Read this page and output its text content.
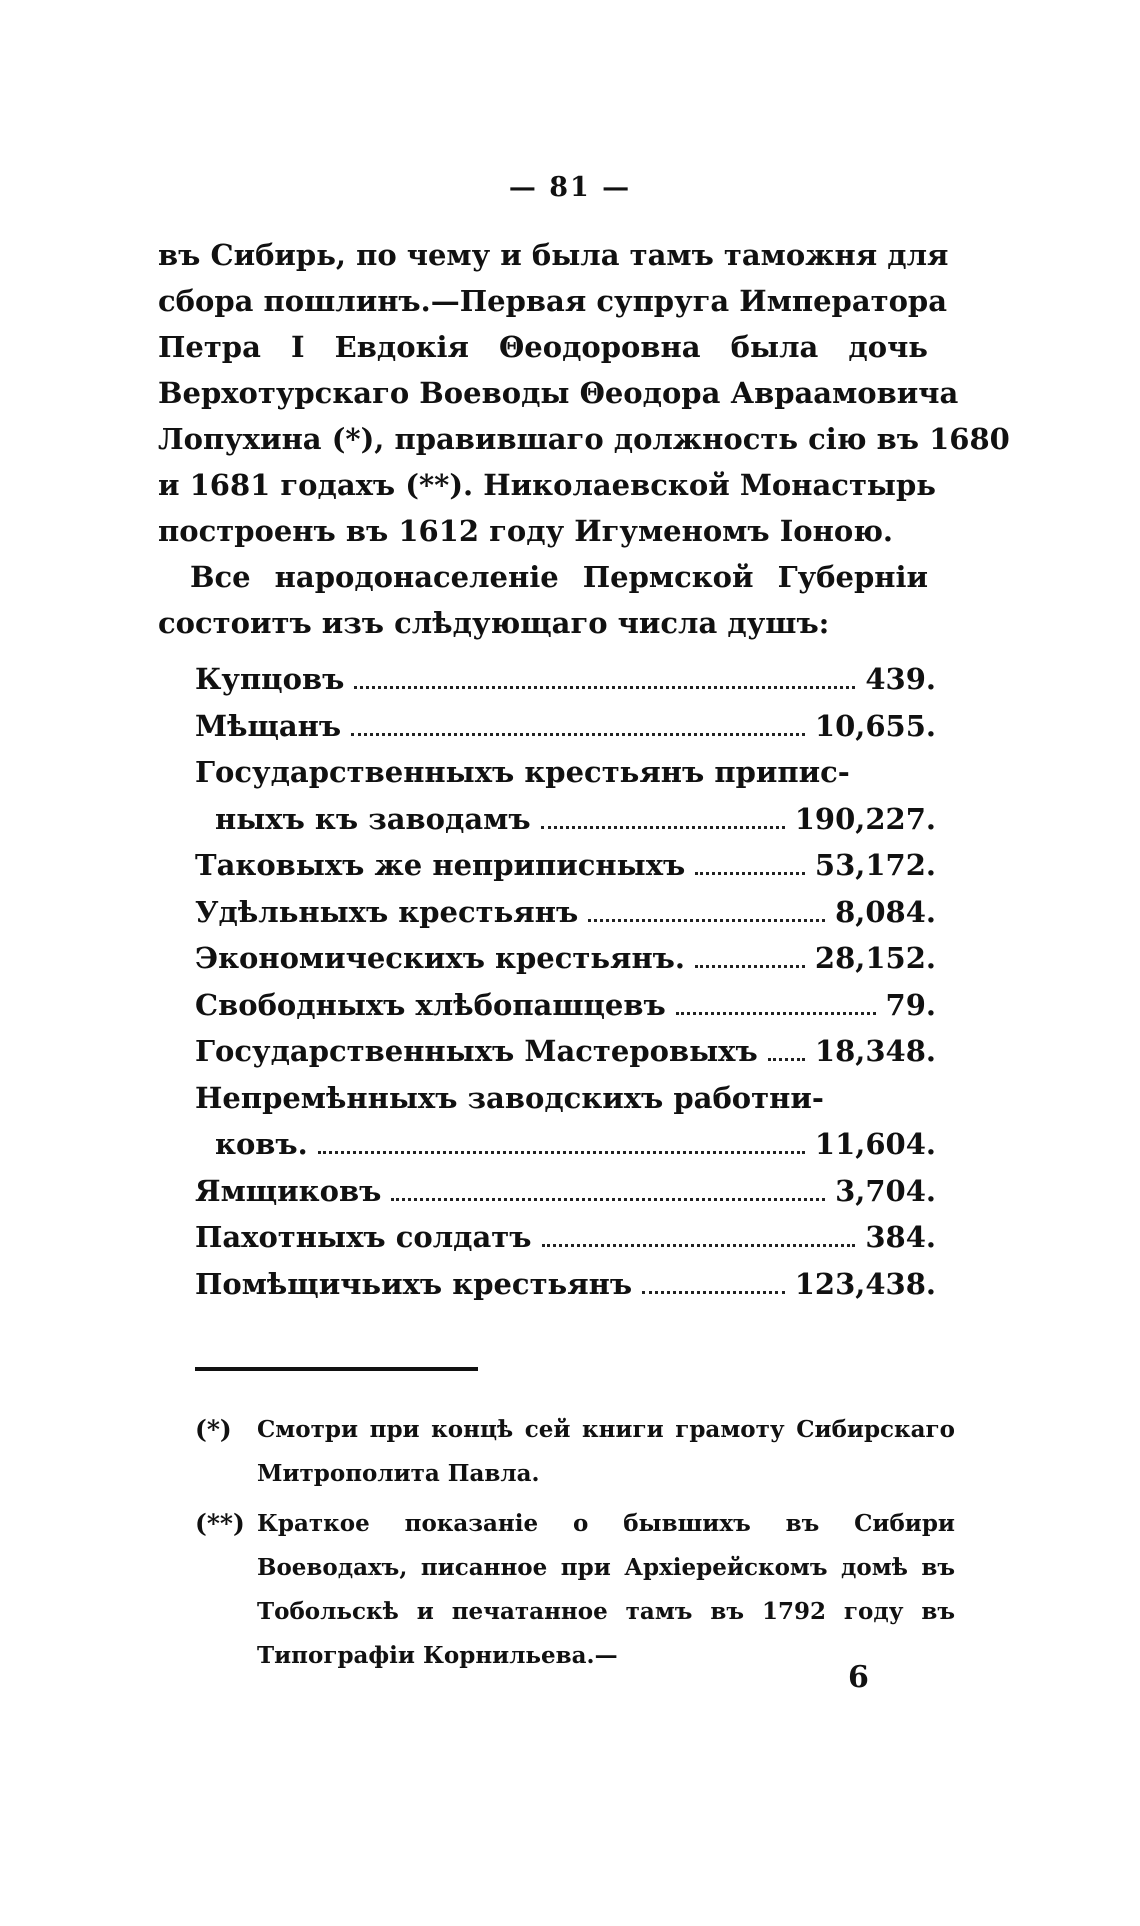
— 81 —
въ Сибирь, по чему и была тамъ таможня для
сбора пошлинъ.—Первая супруга Императора
Петра I Евдокія Θеодоровна была дочь
Верхотурскаго Воеводы Θеодора Авраамовича
Лопухина (*), правившаго должность сію въ 1680
и 1681 годахъ (**). Николаевской Монастырь
построенъ въ 1612 году Игуменомъ Іоною.
Все народонаселеніе Пермской Губерніи
состоитъ изъ слѣдующаго числа душъ:
Купцовъ	439.
Мѣщанъ	10,655.
Государственныхъ крестьянъ припис-
ныхъ къ заводамъ	190,227.
Таковыхъ же неприписныхъ	53,172.
Удѣльныхъ крестьянъ	8,084.
Экономическихъ крестьянъ.	28,152.
Свободныхъ хлѣбопашцевъ	79.
Государственныхъ Мастеровыхъ 18,348.
Непремѣнныхъ заводскихъ работни-
ковъ.	11,604.
Ямщиковъ	3,704.
Пахотныхъ солдатъ	384.
Помѣщичьихъ крестьянъ	123,438.
(*)	Смотри при концѣ сей книги грамоту Сибирскаго Митрополита Павла.
(**) Краткое показаніе о бывшихъ въ Сибири Воеводахъ, писанное при Архіерейскомъ домѣ въ Тобольскѣ и печатанное тамъ въ 1792 году въ Типографіи Корнильева.—
6
